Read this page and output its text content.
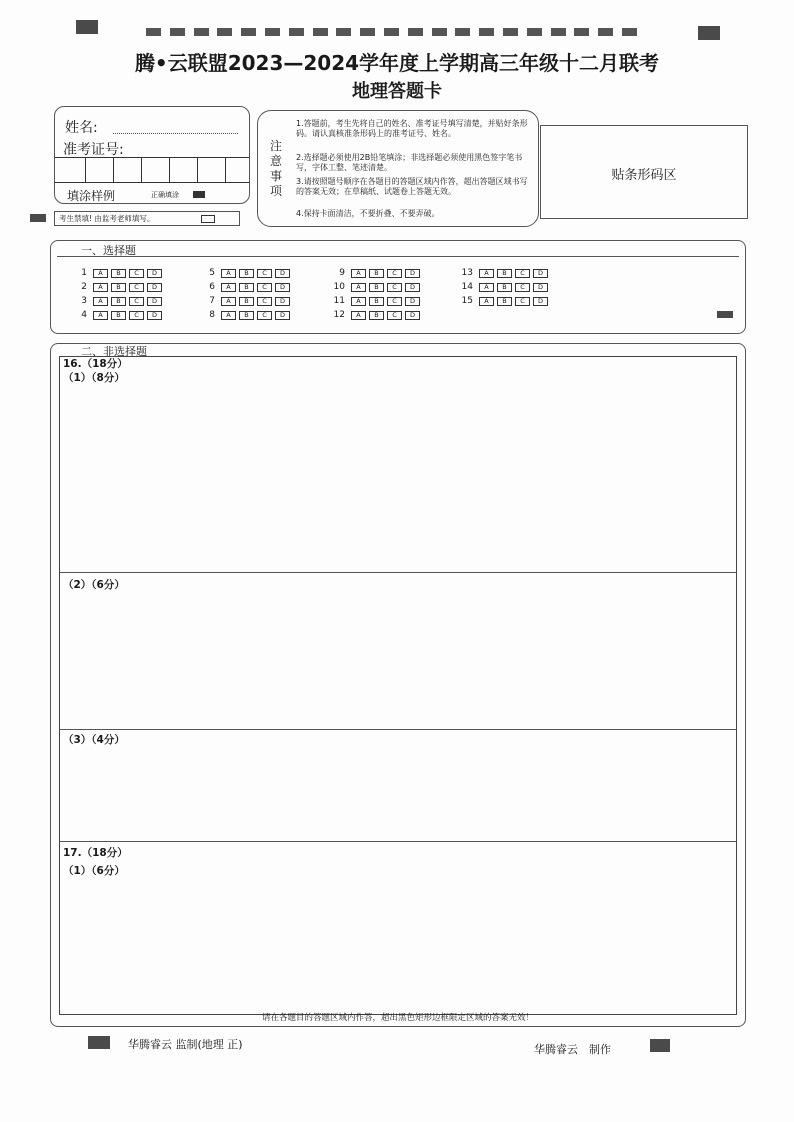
腾•云联盟2023—2024学年度上学期高三年级十二月联考
地理答题卡
姓名:
准考证号:
填涂样例	正确填涂
考生禁填! 由监考老师填写。
注意事项
1.答题前，考生先将自己的姓名、准考证号填写清楚，并贴好条形码。请认真核准条形码上的准考证号、姓名。
2.选择题必须使用2B铅笔填涂；非选择题必须使用黑色签字笔书写，字体工整、笔迹清楚。
3.请按照题号顺序在各题目的答题区域内作答，超出答题区域书写的答案无效；在草稿纸、试题卷上答题无效。
4.保持卡面清洁，不要折叠、不要弄破。
贴条形码区
一、选择题
1	A	B	C	D
2	A	B	C	D
3	A	B	C	D
4	A	B	C	D
5	A	B	C	D
6	A	B	C	D
7	A	B	C	D
8	A	B	C	D
9	A	B	C	D
10	A	B	C	D
11	A	B	C	D
12	A	B	C	D
13	A	B	C	D
14	A	B	C	D
15	A	B	C	D
二、非选择题
16.（18分）
（1）（8分）
（2）（6分）
（3）（4分）
17.（18分）
（1）（6分）
请在各题目的答题区域内作答，超出黑色矩形边框限定区域的答案无效！
华腾睿云 监制(地理 正)	华腾睿云　制作
